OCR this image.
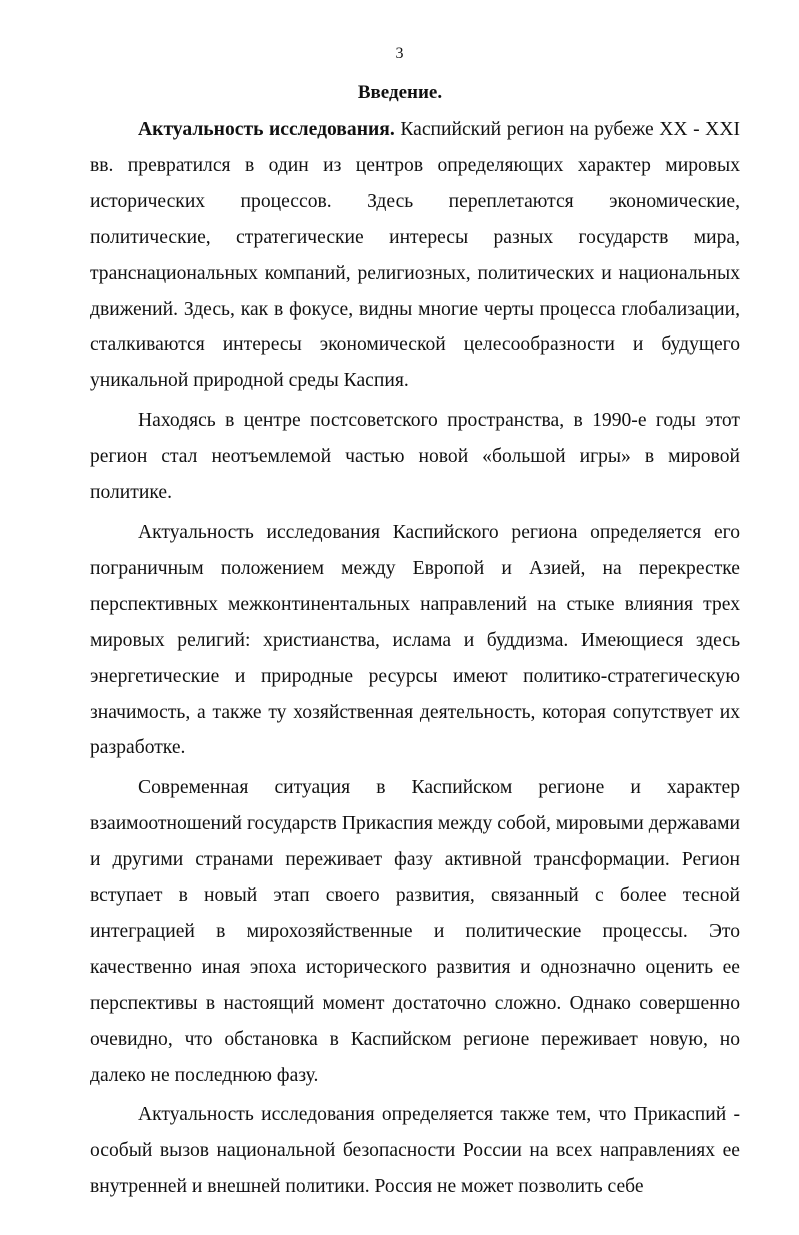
3
Введение.

Актуальность исследования. Каспийский регион на рубеже XX - XXI вв. превратился в один из центров определяющих характер мировых исторических процессов. Здесь переплетаются экономические, политические, стратегические интересы разных государств мира, транснациональных компаний, религиозных, политических и национальных движений. Здесь, как в фокусе, видны многие черты процесса глобализации, сталкиваются интересы экономической целесообразности и будущего уникальной природной среды Каспия.

Находясь в центре постсоветского пространства, в 1990-е годы этот регион стал неотъемлемой частью новой «большой игры» в мировой политике.

Актуальность исследования Каспийского региона определяется его пограничным положением между Европой и Азией, на перекрестке перспективных межконтинентальных направлений на стыке влияния трех мировых религий: христианства, ислама и буддизма. Имеющиеся здесь энергетические и природные ресурсы имеют политико-стратегическую значимость, а также ту хозяйственная деятельность, которая сопутствует их разработке.

Современная ситуация в Каспийском регионе и характер взаимоотношений государств Прикаспия между собой, мировыми державами и другими странами переживает фазу активной трансформации. Регион вступает в новый этап своего развития, связанный с более тесной интеграцией в мирохозяйственные и политические процессы. Это качественно иная эпоха исторического развития и однозначно оценить ее перспективы в настоящий момент достаточно сложно. Однако совершенно очевидно, что обстановка в Каспийском регионе переживает новую, но далеко не последнюю фазу.

Актуальность исследования определяется также тем, что Прикаспий - особый вызов национальной безопасности России на всех направлениях ее внутренней и внешней политики. Россия не может позволить себе
